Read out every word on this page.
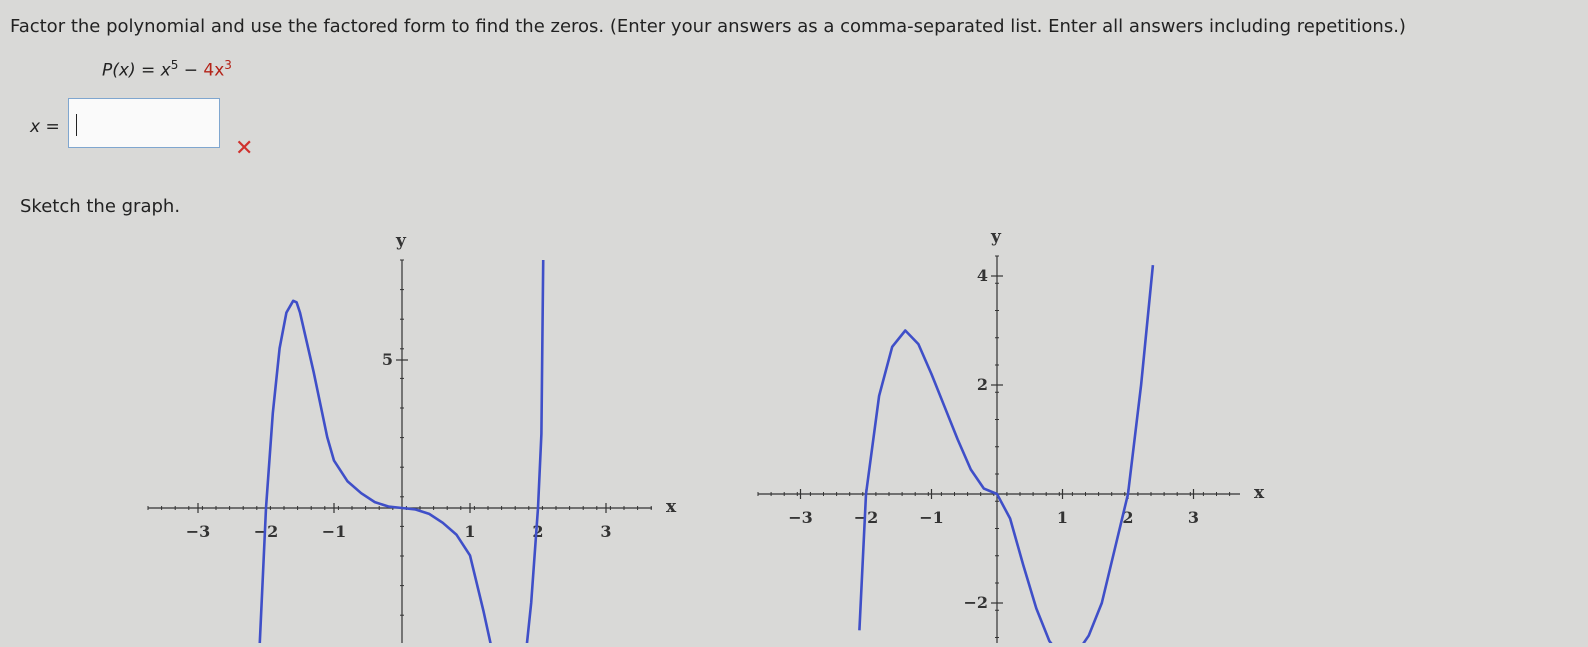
Factor the polynomial and use the factored form to find the zeros. (Enter your answers as a comma-separated list. Enter all answers including repetitions.)
$P(x) = x^5 - 4x^3$
x =
✕
Sketch the graph.
x
y
−3	−2	−1	1	2	3
5
x
y
−3	−2	−1	1	2	3
4
2
−2
